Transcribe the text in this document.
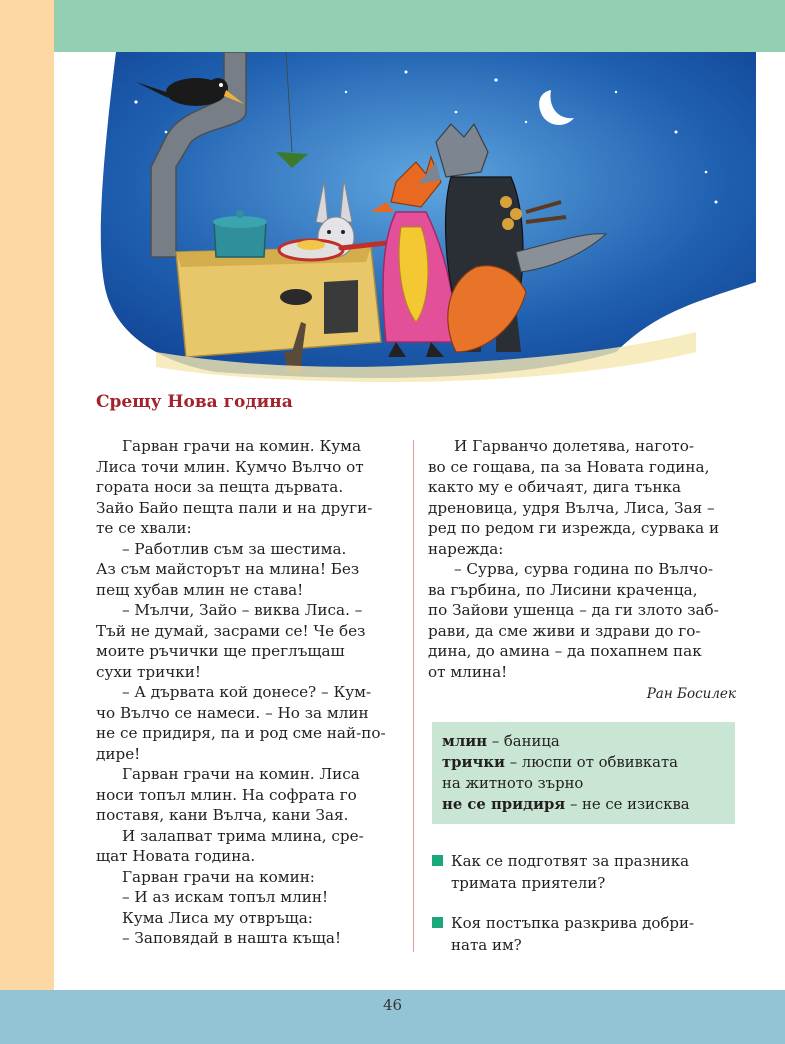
Срещу Нова година

Гарван грачи на комин. Кума

Лиса точи млин. Кумчо Вълчо от

гората носи за пещта дървата.

Зайо Байо пещта пали и на други-

те се хвали:

– Работлив съм за шестима.

Аз съм майсторът на млина! Без

пещ хубав млин не става!

– Мълчи, Зайо – виква Лиса. –

Тъй не думай, засрами се! Че без

моите ръчички ще преглъщаш

сухи трички!

– А дървата кой донесе? – Кум-

чо Вълчо се намеси. – Но за млин

не се придиря, па и род сме най-по-

дире!

Гарван грачи на комин. Лиса

носи топъл млин. На софрата го

поставя, кани Вълча, кани Зая.

И залапват трима млина, сре-

щат Новата година.

Гарван грачи на комин:

– И аз искам топъл млин!

Кума Лиса му отвръща:

– Заповядай в нашта къща!

И Гарванчо долетява, нагото-

во се гощава, па за Новата година,

както му е обичаят, дига тънка

дреновица, удря Вълча, Лиса, Зая –

ред по редом ги изрежда, сурвака и

нарежда:

– Сурва, сурва година по Вълчо-

ва гърбина, по Лисини краченца,

по Зайови ушенца – да ги злото заб-

рави, да сме живи и здрави до го-

дина, до амина – да похапнем пак

от млина!

Ран Босилек

млин – баница

трички – люспи от обвивката

на житното зърно

не се придиря – не се изисква

Как се подготвят за празника

тримата приятели?

Коя постъпка разкрива добри-

ната им?

46
